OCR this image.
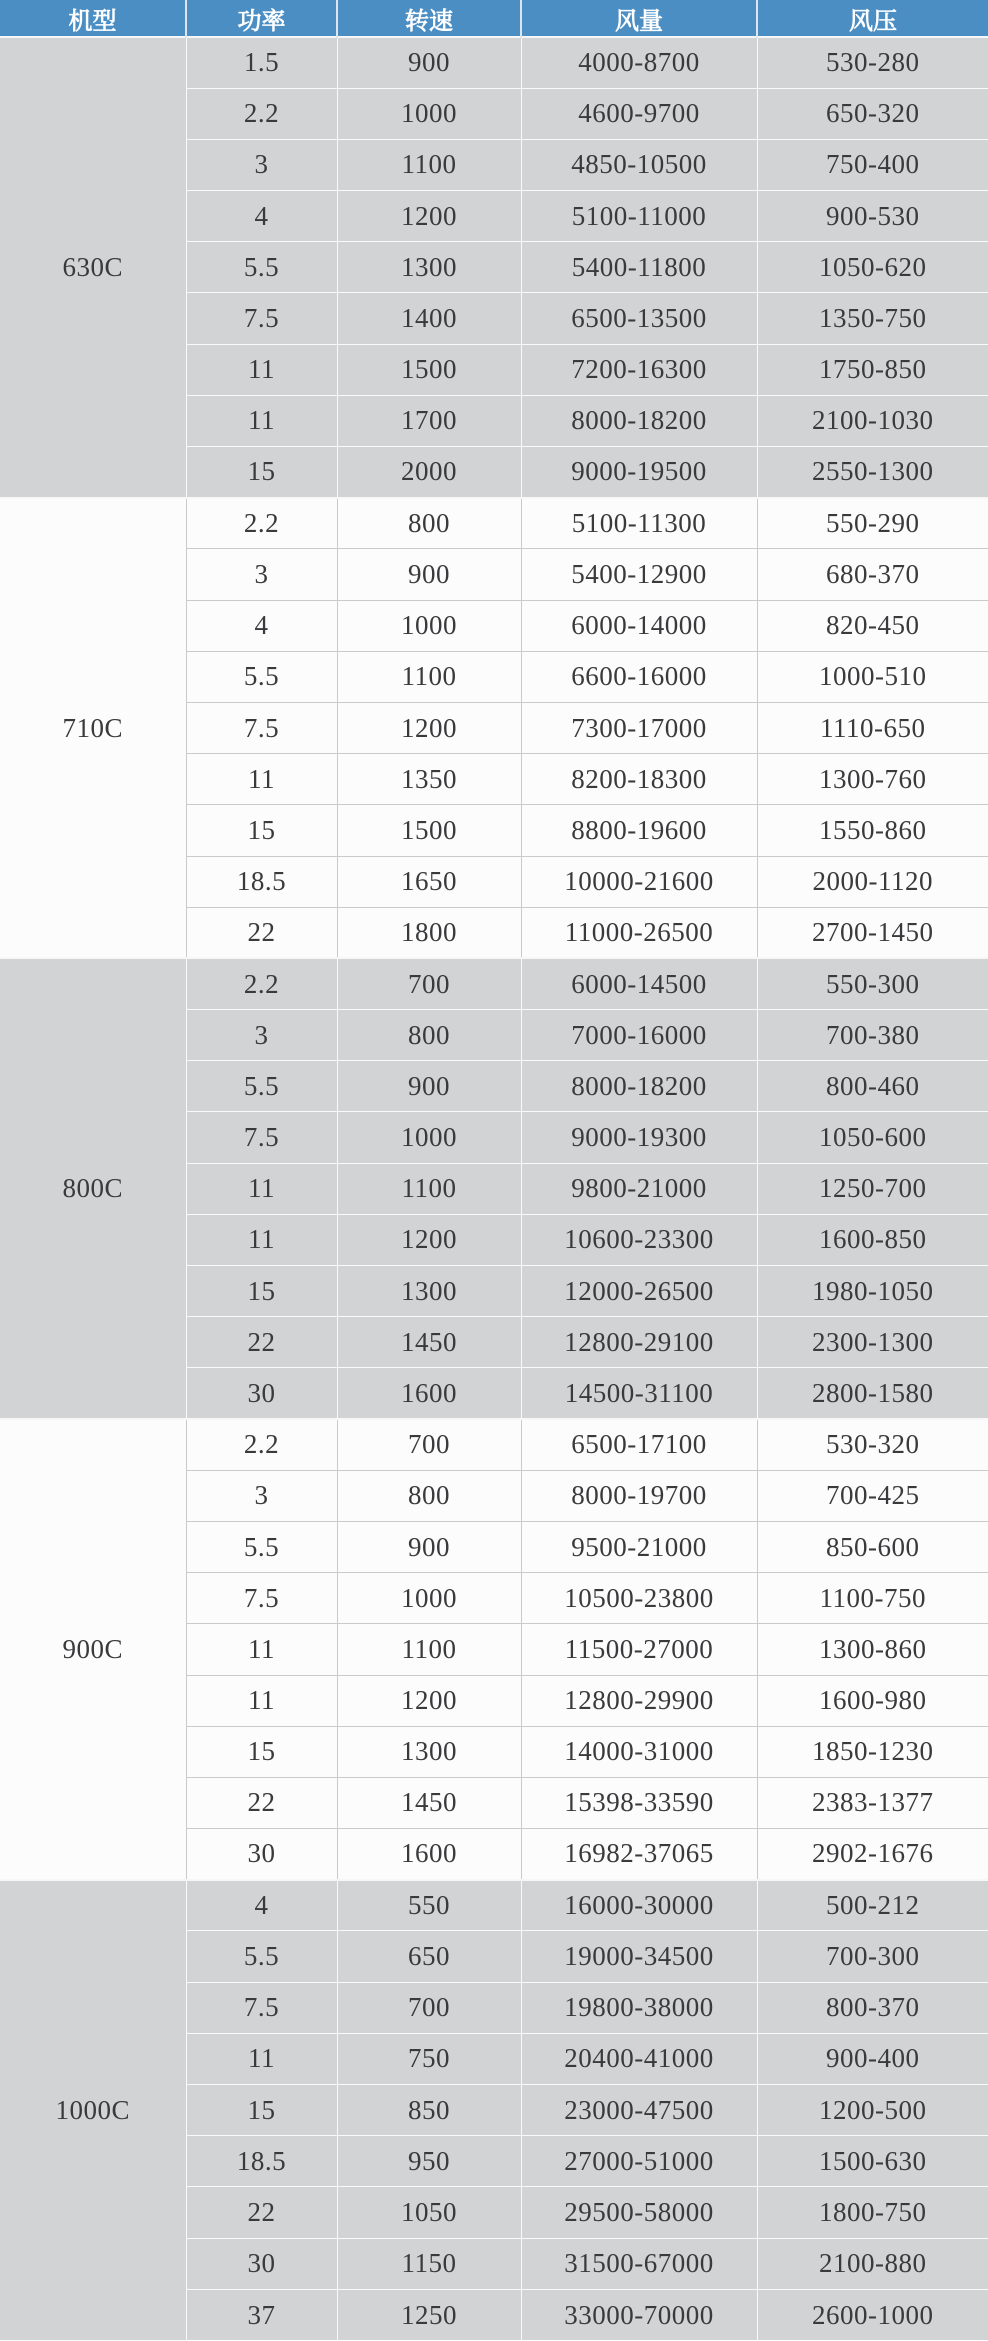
机型	功率	转速	风量	风压
630C	1.5	900	4000-8700	530-280
	2.2	1000	4600-9700	650-320
	3	1100	4850-10500	750-400
	4	1200	5100-11000	900-530
	5.5	1300	5400-11800	1050-620
	7.5	1400	6500-13500	1350-750
	11	1500	7200-16300	1750-850
	11	1700	8000-18200	2100-1030
	15	2000	9000-19500	2550-1300
710C	2.2	800	5100-11300	550-290
	3	900	5400-12900	680-370
	4	1000	6000-14000	820-450
	5.5	1100	6600-16000	1000-510
	7.5	1200	7300-17000	1110-650
	11	1350	8200-18300	1300-760
	15	1500	8800-19600	1550-860
	18.5	1650	10000-21600	2000-1120
	22	1800	11000-26500	2700-1450
800C	2.2	700	6000-14500	550-300
	3	800	7000-16000	700-380
	5.5	900	8000-18200	800-460
	7.5	1000	9000-19300	1050-600
	11	1100	9800-21000	1250-700
	11	1200	10600-23300	1600-850
	15	1300	12000-26500	1980-1050
	22	1450	12800-29100	2300-1300
	30	1600	14500-31100	2800-1580
900C	2.2	700	6500-17100	530-320
	3	800	8000-19700	700-425
	5.5	900	9500-21000	850-600
	7.5	1000	10500-23800	1100-750
	11	1100	11500-27000	1300-860
	11	1200	12800-29900	1600-980
	15	1300	14000-31000	1850-1230
	22	1450	15398-33590	2383-1377
	30	1600	16982-37065	2902-1676
1000C	4	550	16000-30000	500-212
	5.5	650	19000-34500	700-300
	7.5	700	19800-38000	800-370
	11	750	20400-41000	900-400
	15	850	23000-47500	1200-500
	18.5	950	27000-51000	1500-630
	22	1050	29500-58000	1800-750
	30	1150	31500-67000	2100-880
	37	1250	33000-70000	2600-1000
